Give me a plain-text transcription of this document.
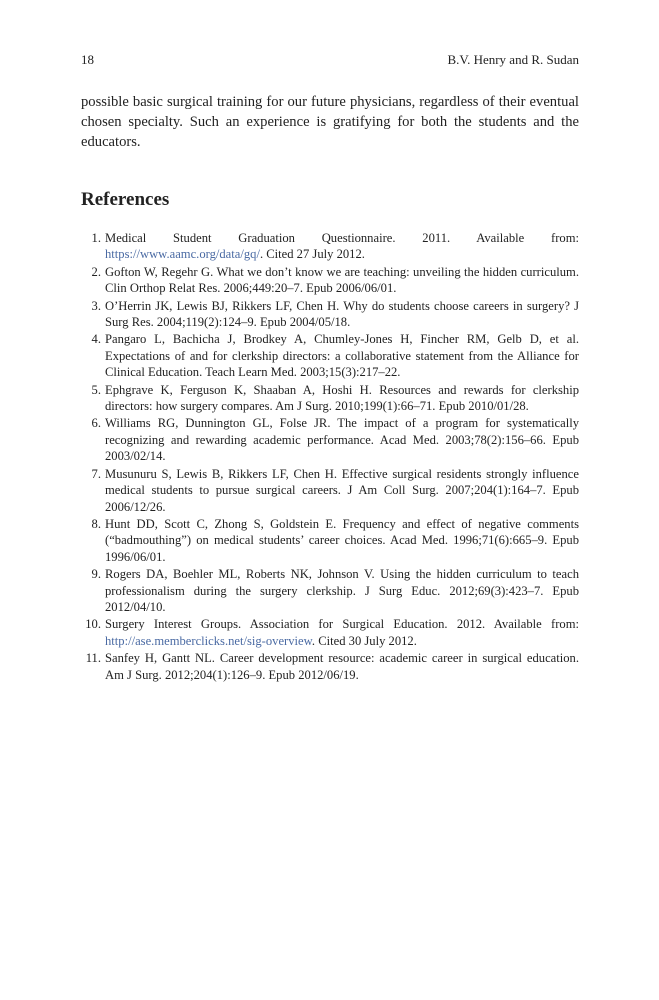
18	B.V. Henry and R. Sudan

possible basic surgical training for our future physicians, regardless of their eventual chosen specialty. Such an experience is gratifying for both the students and the educators.

References
1. Medical Student Graduation Questionnaire. 2011. Available from: https://www.aamc.org/data/gq/. Cited 27 July 2012.
2. Gofton W, Regehr G. What we don’t know we are teaching: unveiling the hidden curriculum. Clin Orthop Relat Res. 2006;449:20–7. Epub 2006/06/01.
3. O’Herrin JK, Lewis BJ, Rikkers LF, Chen H. Why do students choose careers in surgery? J Surg Res. 2004;119(2):124–9. Epub 2004/05/18.
4. Pangaro L, Bachicha J, Brodkey A, Chumley-Jones H, Fincher RM, Gelb D, et al. Expectations of and for clerkship directors: a collaborative statement from the Alliance for Clinical Education. Teach Learn Med. 2003;15(3):217–22.
5. Ephgrave K, Ferguson K, Shaaban A, Hoshi H. Resources and rewards for clerkship directors: how surgery compares. Am J Surg. 2010;199(1):66–71. Epub 2010/01/28.
6. Williams RG, Dunnington GL, Folse JR. The impact of a program for systematically recognizing and rewarding academic performance. Acad Med. 2003;78(2):156–66. Epub 2003/02/14.
7. Musunuru S, Lewis B, Rikkers LF, Chen H. Effective surgical residents strongly influence medical students to pursue surgical careers. J Am Coll Surg. 2007;204(1):164–7. Epub 2006/12/26.
8. Hunt DD, Scott C, Zhong S, Goldstein E. Frequency and effect of negative comments (“badmouthing”) on medical students’ career choices. Acad Med. 1996;71(6):665–9. Epub 1996/06/01.
9. Rogers DA, Boehler ML, Roberts NK, Johnson V. Using the hidden curriculum to teach professionalism during the surgery clerkship. J Surg Educ. 2012;69(3):423–7. Epub 2012/04/10.
10. Surgery Interest Groups. Association for Surgical Education. 2012. Available from: http://ase.memberclicks.net/sig-overview. Cited 30 July 2012.
11. Sanfey H, Gantt NL. Career development resource: academic career in surgical education. Am J Surg. 2012;204(1):126–9. Epub 2012/06/19.
